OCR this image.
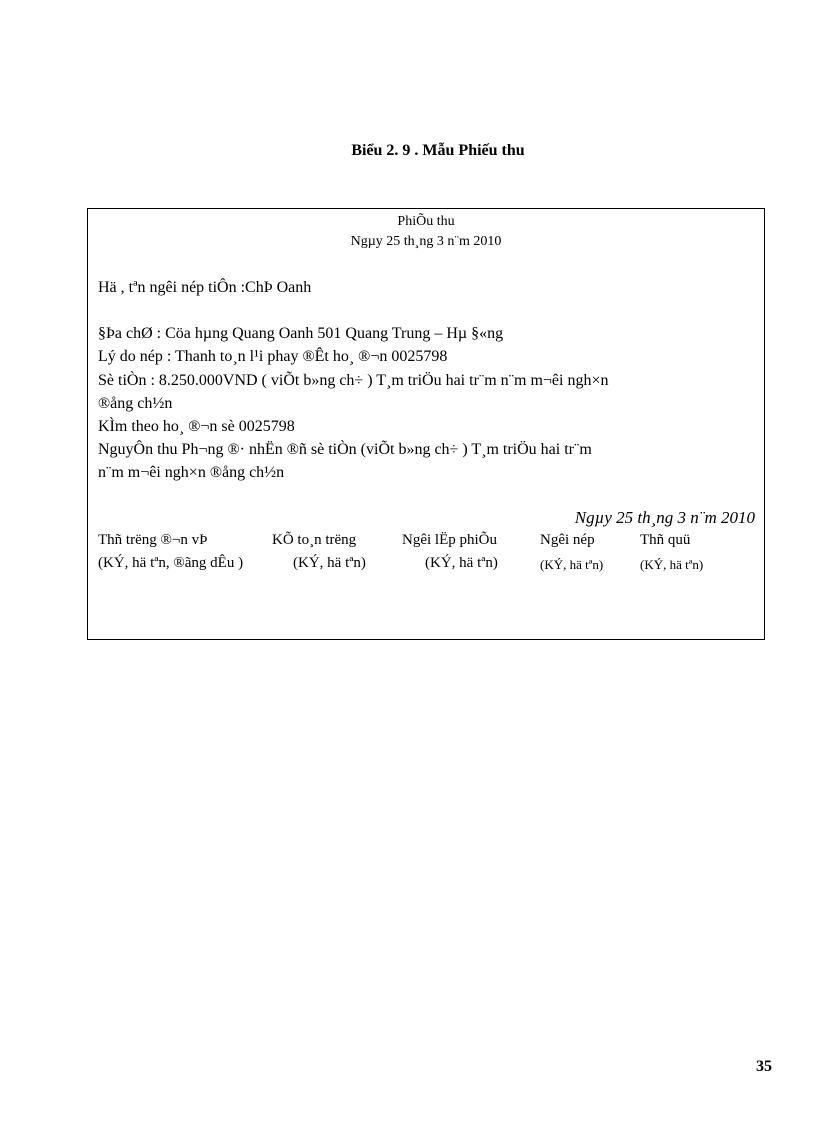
Biểu 2. 9 . Mẫu Phiếu thu
PhiÕu thu
Ngµy 25 th¸ng 3 n¨m 2010
Hä , tªn ngêi nép tiÔn :ChÞ Oanh
§Þa chØ : Cöa hµng Quang Oanh 501 Quang Trung – Hµ §«ng
Lý do nép : Thanh to¸n l¹i phay ®Êt ho¸ ®¬n 0025798
Sè tiÒn : 8.250.000VND ( viÕt b»ng ch÷ ) T¸m triÖu hai tr¨m n¨m m¬êi ngh×n
®ång ch½n
KÌm theo ho¸ ®¬n sè 0025798
NguyÔn thu Ph¬ng ®· nhËn ®ñ sè tiÒn (viÕt b»ng ch÷ ) T¸m triÖu hai tr¨m
n¨m m¬êi ngh×n ®ång ch½n
Ngµy 25 th¸ng 3 n¨m 2010
Thñ trëng ®¬n vÞ
(KÝ, hä tªn, ®ãng dÊu )
KÕ to¸n trëng
(KÝ, hä tªn)
Ngêi lËp phiÕu
(KÝ, hä tªn)
Ngêi nép
(KÝ, hä tªn)
Thñ quü
(KÝ, hä tªn)
35
